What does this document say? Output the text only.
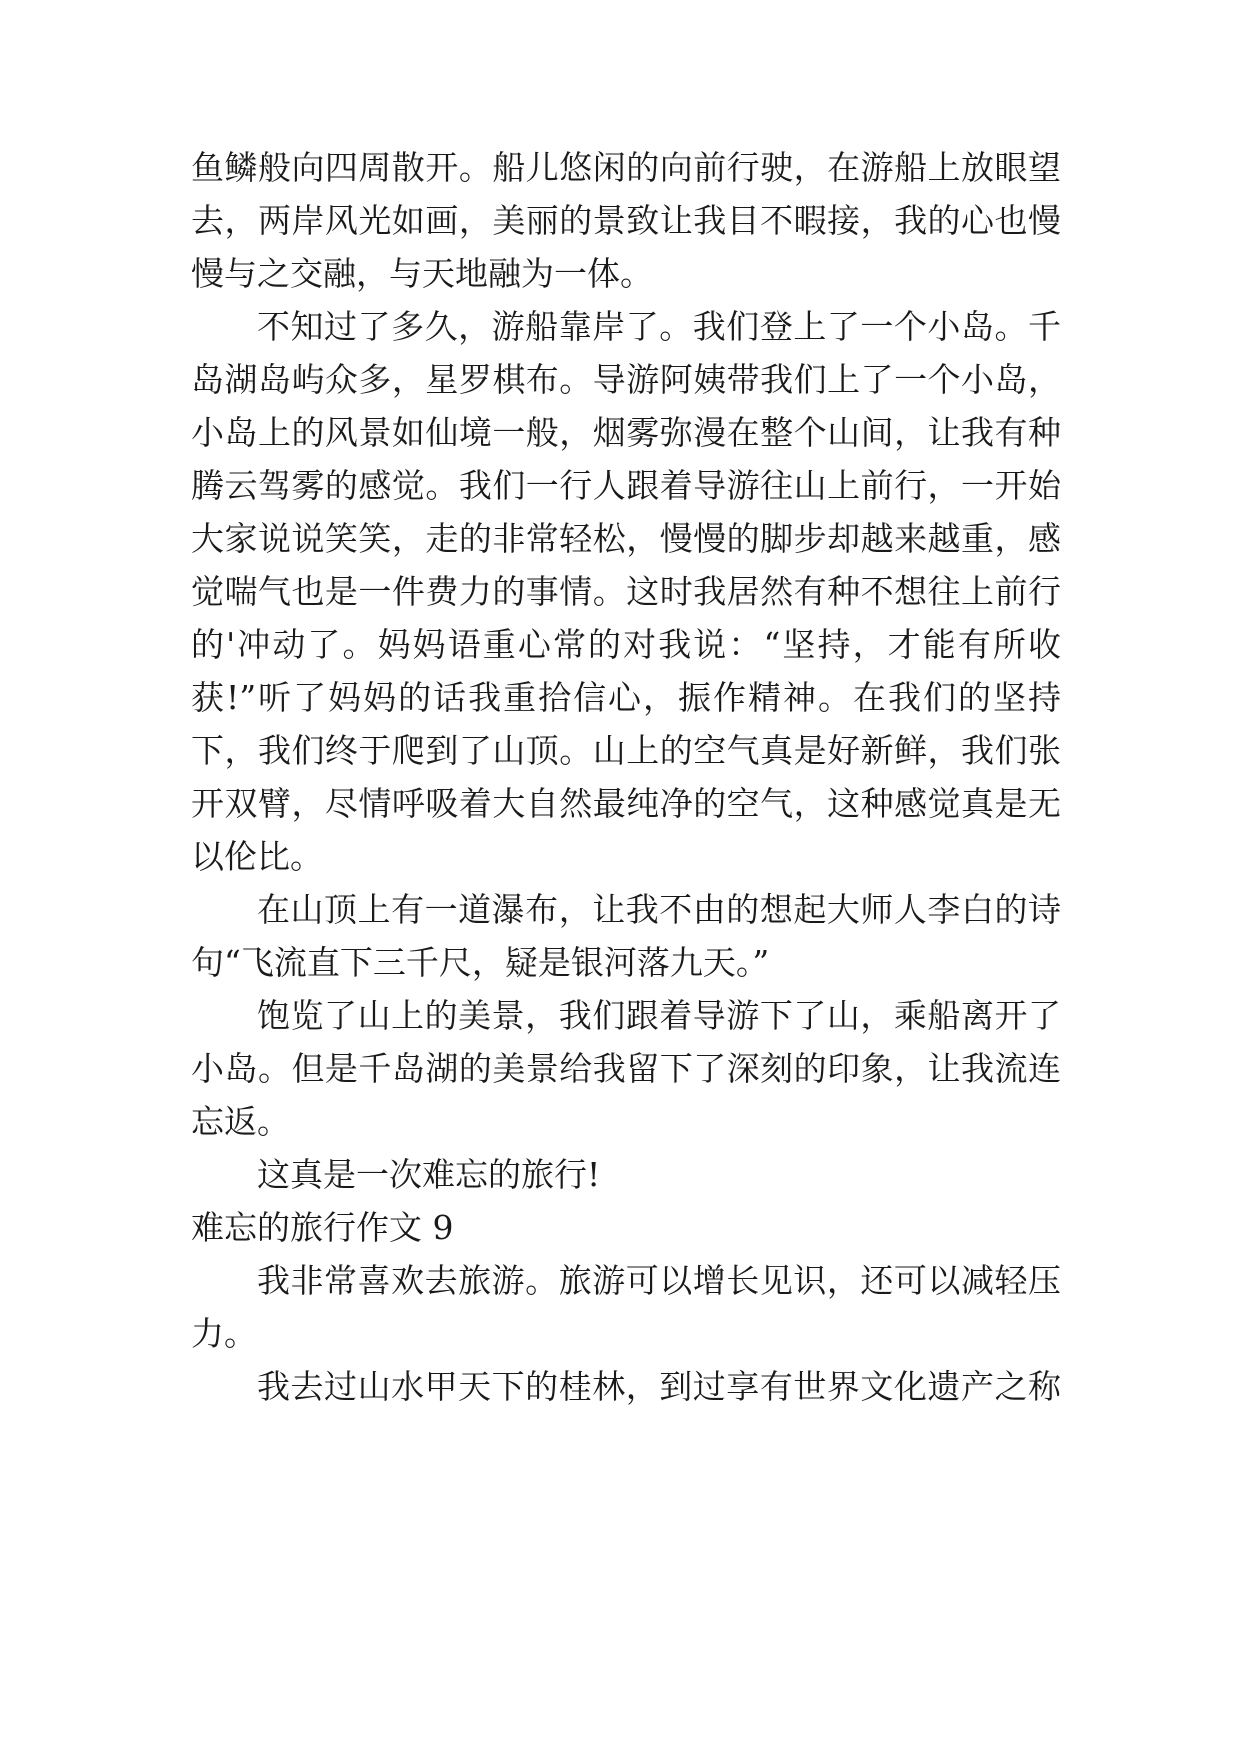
鱼鳞般向四周散开。船儿悠闲的向前行驶，在游船上放眼望
去，两岸风光如画，美丽的景致让我目不暇接，我的心也慢
慢与之交融，与天地融为一体。
不知过了多久，游船靠岸了。我们登上了一个小岛。千
岛湖岛屿众多，星罗棋布。导游阿姨带我们上了一个小岛，
小岛上的风景如仙境一般，烟雾弥漫在整个山间，让我有种
腾云驾雾的感觉。我们一行人跟着导游往山上前行，一开始
大家说说笑笑，走的非常轻松，慢慢的脚步却越来越重，感
觉喘气也是一件费力的事情。这时我居然有种不想往上前行
的'冲动了。妈妈语重心常的对我说：“坚持，才能有所收
获!”听了妈妈的话我重拾信心，振作精神。在我们的坚持
下，我们终于爬到了山顶。山上的空气真是好新鲜，我们张
开双臂，尽情呼吸着大自然最纯净的空气，这种感觉真是无
以伦比。
在山顶上有一道瀑布，让我不由的想起大师人李白的诗
句“飞流直下三千尺，疑是银河落九天。”
饱览了山上的美景，我们跟着导游下了山，乘船离开了
小岛。但是千岛湖的美景给我留下了深刻的印象，让我流连
忘返。
这真是一次难忘的旅行!
难忘的旅行作文 9
我非常喜欢去旅游。旅游可以增长见识，还可以减轻压
力。
我去过山水甲天下的桂林，到过享有世界文化遗产之称
